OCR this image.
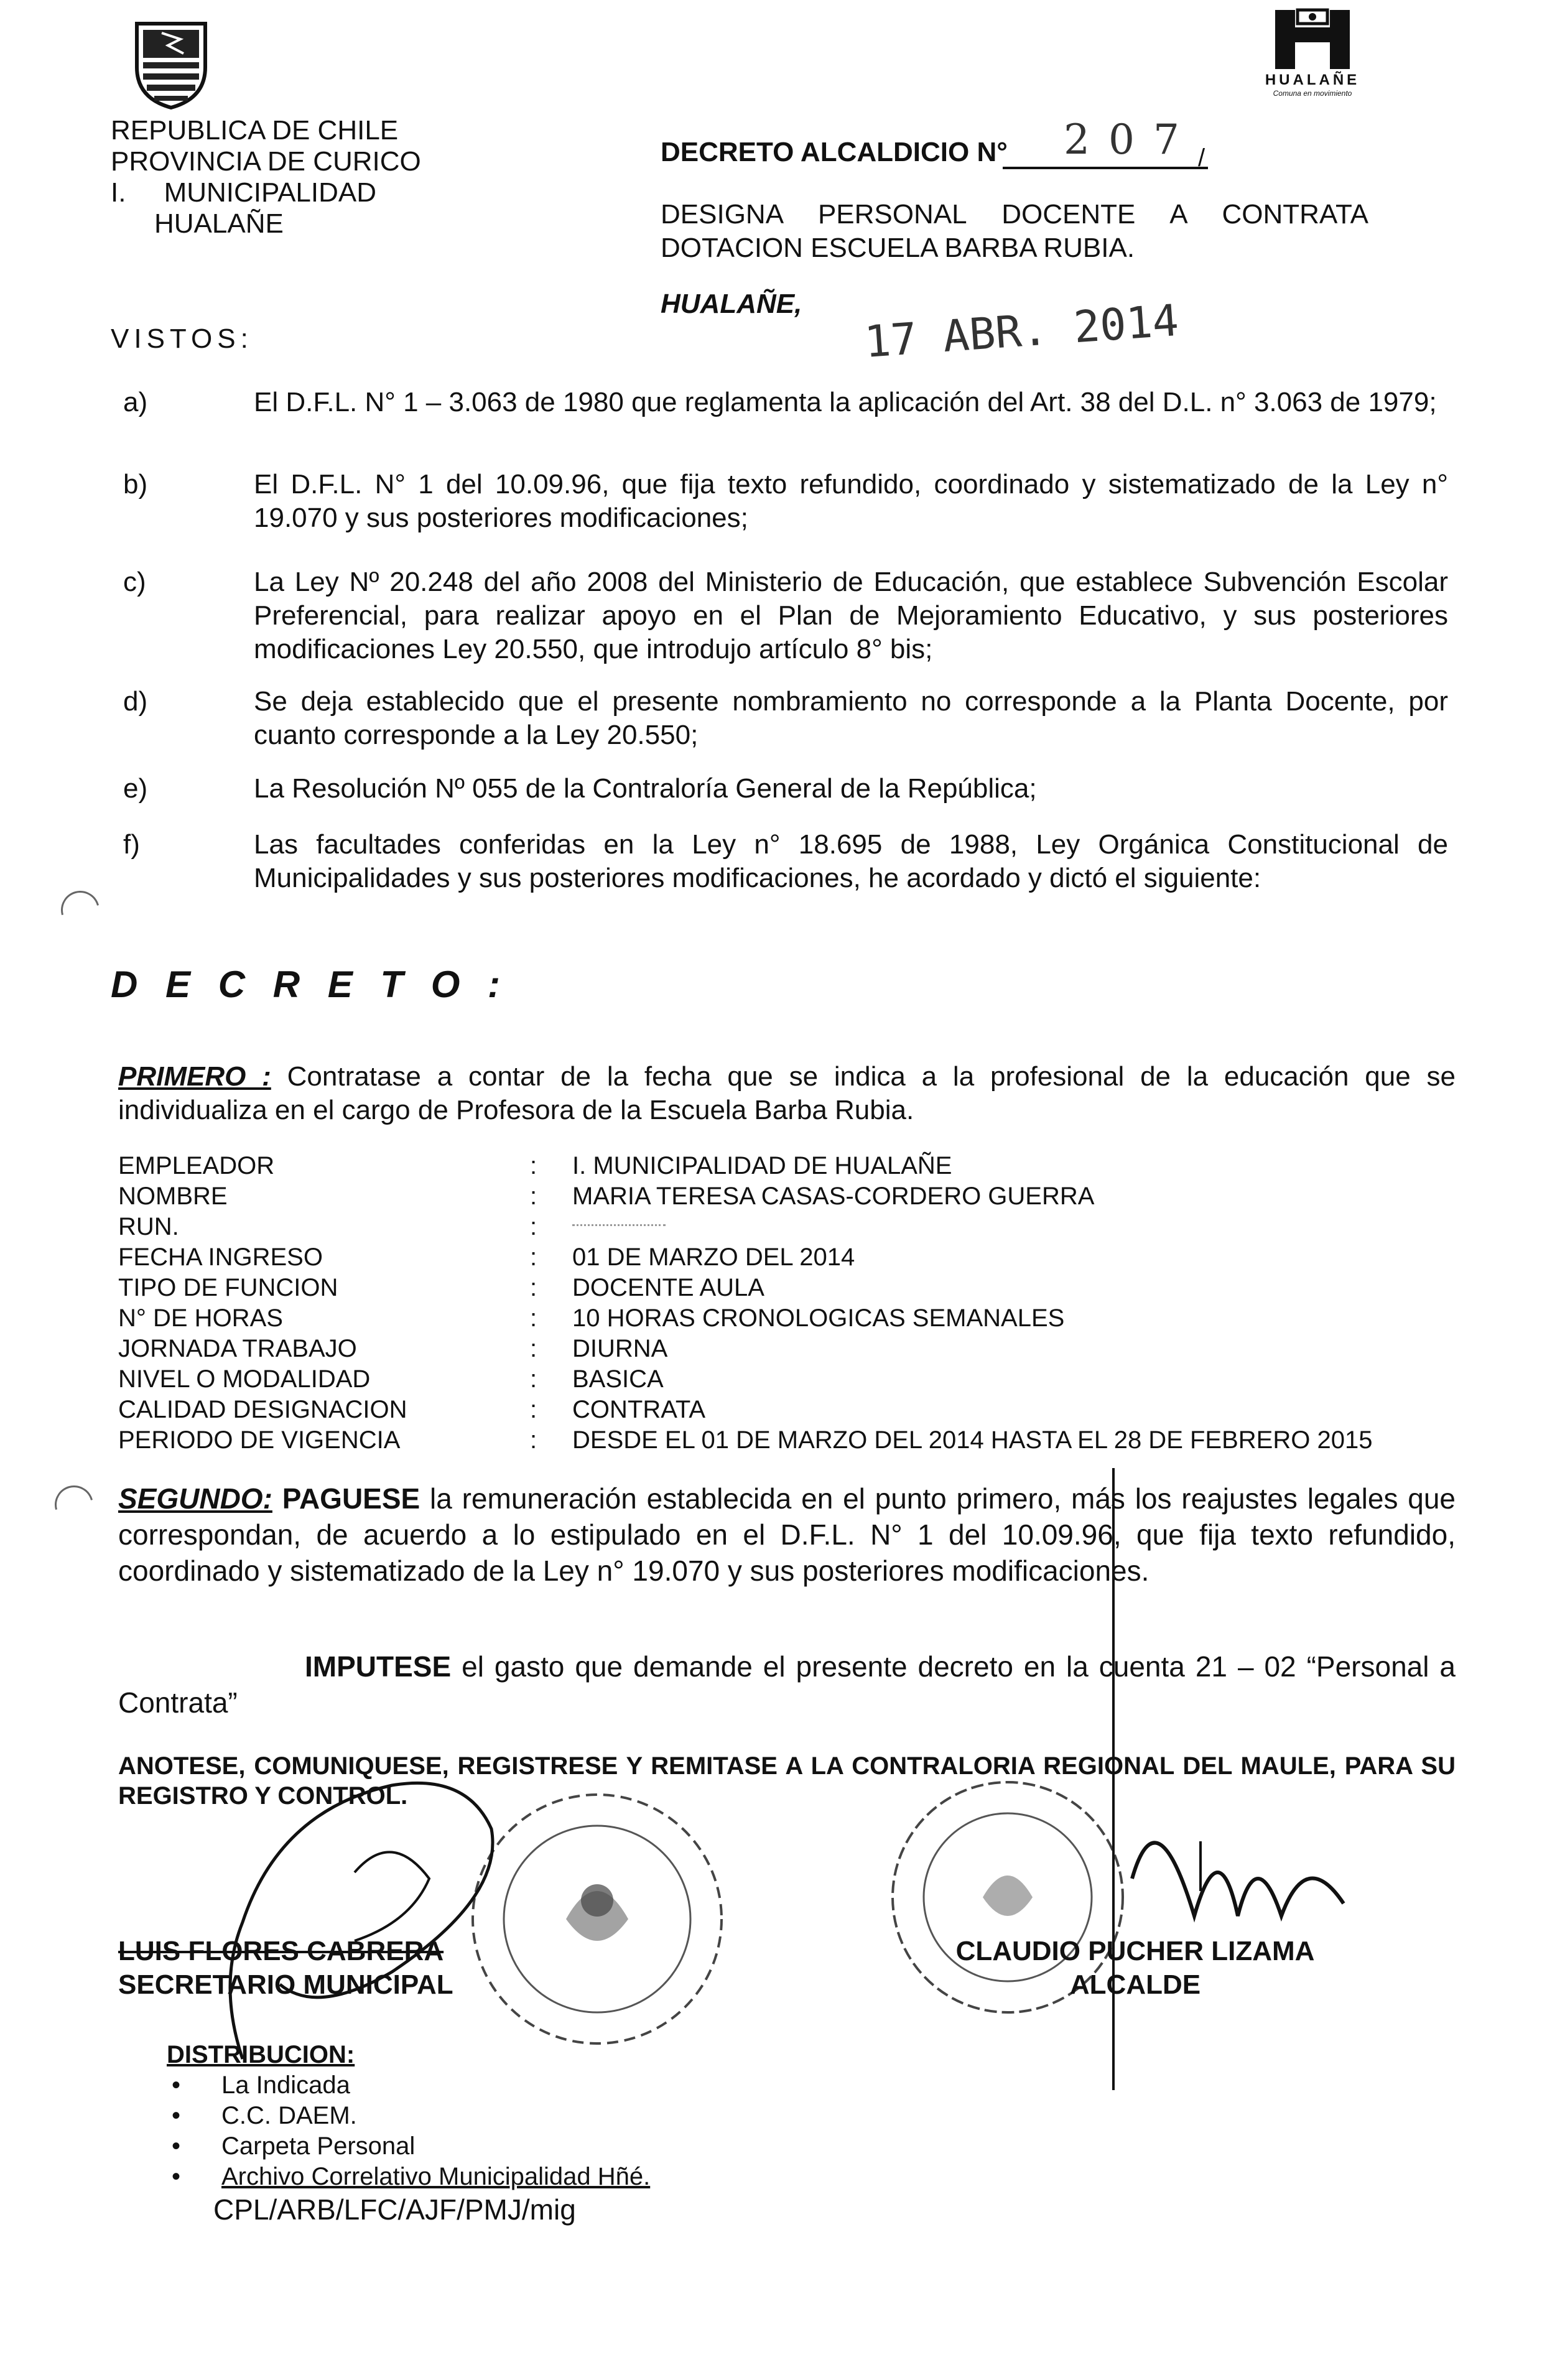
HUALAÑE
Comuna en movimiento
REPUBLICA DE CHILE
PROVINCIA DE CURICO
I.     MUNICIPALIDAD
HUALAÑE
DECRETO ALCALDICIO N° 207 /
DESIGNA PERSONAL DOCENTE A CONTRATA DOTACION ESCUELA BARBA RUBIA.
HUALAÑE, 17 ABR. 2014
VISTOS:
a)	El D.F.L. N° 1 – 3.063 de 1980 que reglamenta la aplicación del Art. 38 del D.L. n° 3.063 de 1979;
b)	El D.F.L. N° 1 del 10.09.96, que fija texto refundido, coordinado y sistematizado de la Ley n° 19.070 y sus posteriores modificaciones;
c)	La Ley Nº 20.248 del año 2008 del Ministerio de Educación, que establece Subvención Escolar Preferencial, para realizar apoyo en el Plan de Mejoramiento Educativo, y sus posteriores modificaciones Ley 20.550, que introdujo artículo 8° bis;
d)	Se deja establecido que el presente nombramiento no corresponde a la Planta Docente, por cuanto corresponde a la Ley 20.550;
e)	La Resolución Nº 055 de la Contraloría General de la República;
f)	Las facultades conferidas en la Ley n° 18.695 de 1988, Ley Orgánica Constitucional de Municipalidades y sus posteriores modificaciones, he acordado y dictó el siguiente:
D E C R E T O :
PRIMERO : Contratase a contar de la fecha que se indica a la profesional de la educación que se individualiza en el cargo de Profesora de la Escuela Barba Rubia.
EMPLEADOR	: I. MUNICIPALIDAD DE HUALAÑE
NOMBRE	: MARIA TERESA CASAS-CORDERO GUERRA
RUN.	:
FECHA INGRESO	: 01 DE MARZO DEL 2014
TIPO DE FUNCION	: DOCENTE AULA
N° DE HORAS	: 10 HORAS CRONOLOGICAS SEMANALES
JORNADA TRABAJO	: DIURNA
NIVEL O MODALIDAD	: BASICA
CALIDAD DESIGNACION	: CONTRATA
PERIODO DE VIGENCIA	: DESDE EL 01 DE MARZO DEL 2014 HASTA EL 28 DE FEBRERO 2015
SEGUNDO: PAGUESE la remuneración establecida en el punto primero, más los reajustes legales que correspondan, de acuerdo a lo estipulado en el D.F.L. N° 1 del 10.09.96, que fija texto refundido, coordinado y sistematizado de la Ley n° 19.070 y sus posteriores modificaciones.
IMPUTESE el gasto que demande el presente decreto en la cuenta 21 – 02 “Personal a Contrata”
ANOTESE, COMUNIQUESE, REGISTRESE Y REMITASE A LA CONTRALORIA REGIONAL DEL MAULE, PARA SU REGISTRO Y CONTROL.
LUIS FLORES CABRERA
SECRETARIO MUNICIPAL
CLAUDIO PUCHER LIZAMA
ALCALDE
DISTRIBUCION:
• La Indicada
• C.C. DAEM.
• Carpeta Personal
• Archivo Correlativo Municipalidad Hñé.
CPL/ARB/LFC/AJF/PMJ/mig
